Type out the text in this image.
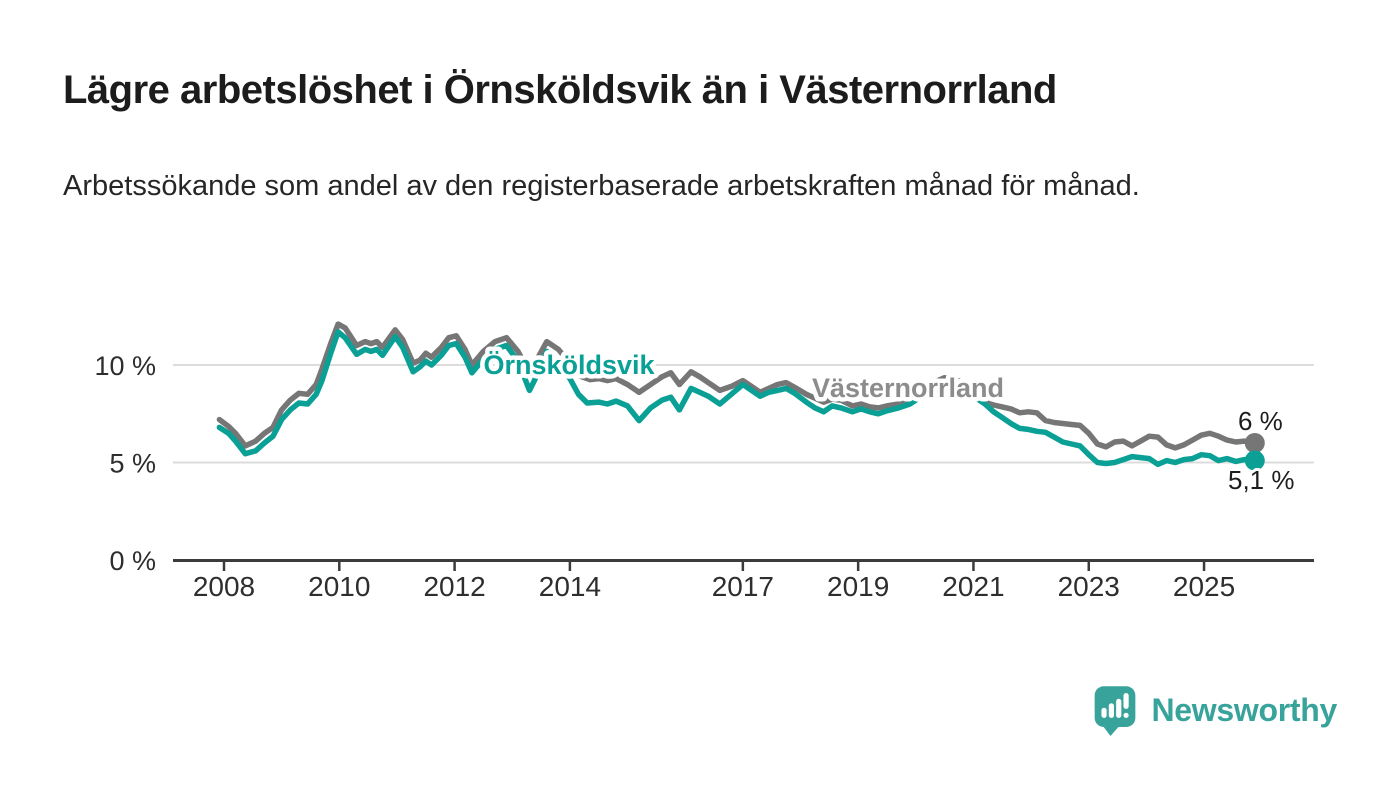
Lägre arbetslöshet i Örnsköldsvik än i Västernorrland
Arbetssökande som andel av den registerbaserade arbetskraften månad för månad.
2008 2010 2012 2014	2017 2019 2021 2023 2025
0 %
5 %
10 %
Västernorrland
6 %
Örnsköldsvik
5,1 %
Newsworthy
